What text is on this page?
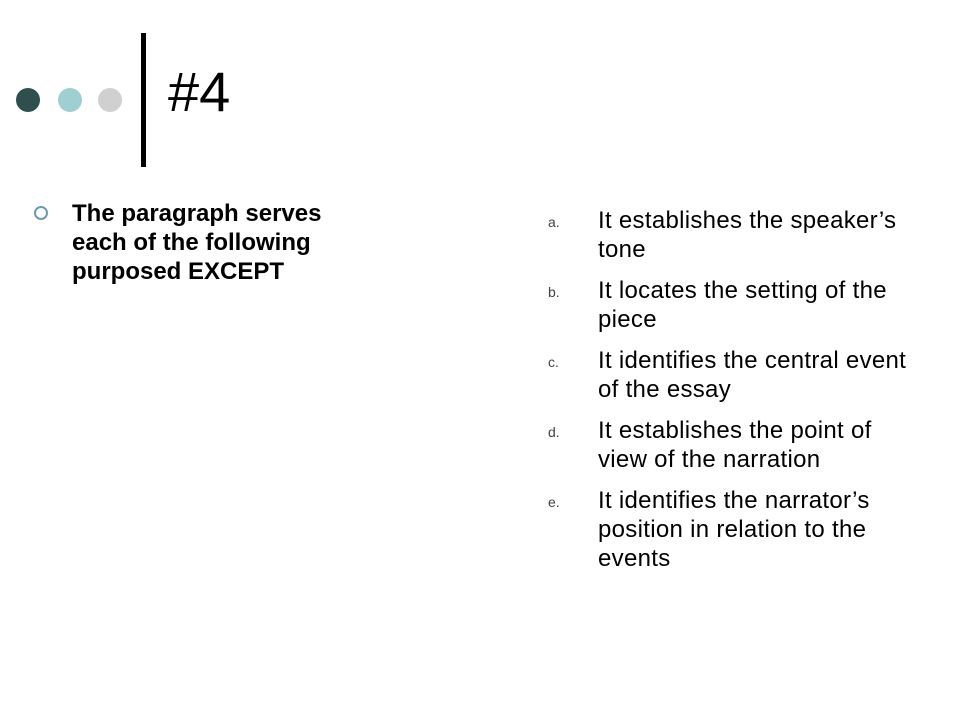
#4

The paragraph serves each of the following purposed EXCEPT

a. It establishes the speaker’s tone
b. It locates the setting of the piece
c. It identifies the central event of the essay
d. It establishes the point of view of the narration
e. It identifies the narrator’s position in relation to the events
